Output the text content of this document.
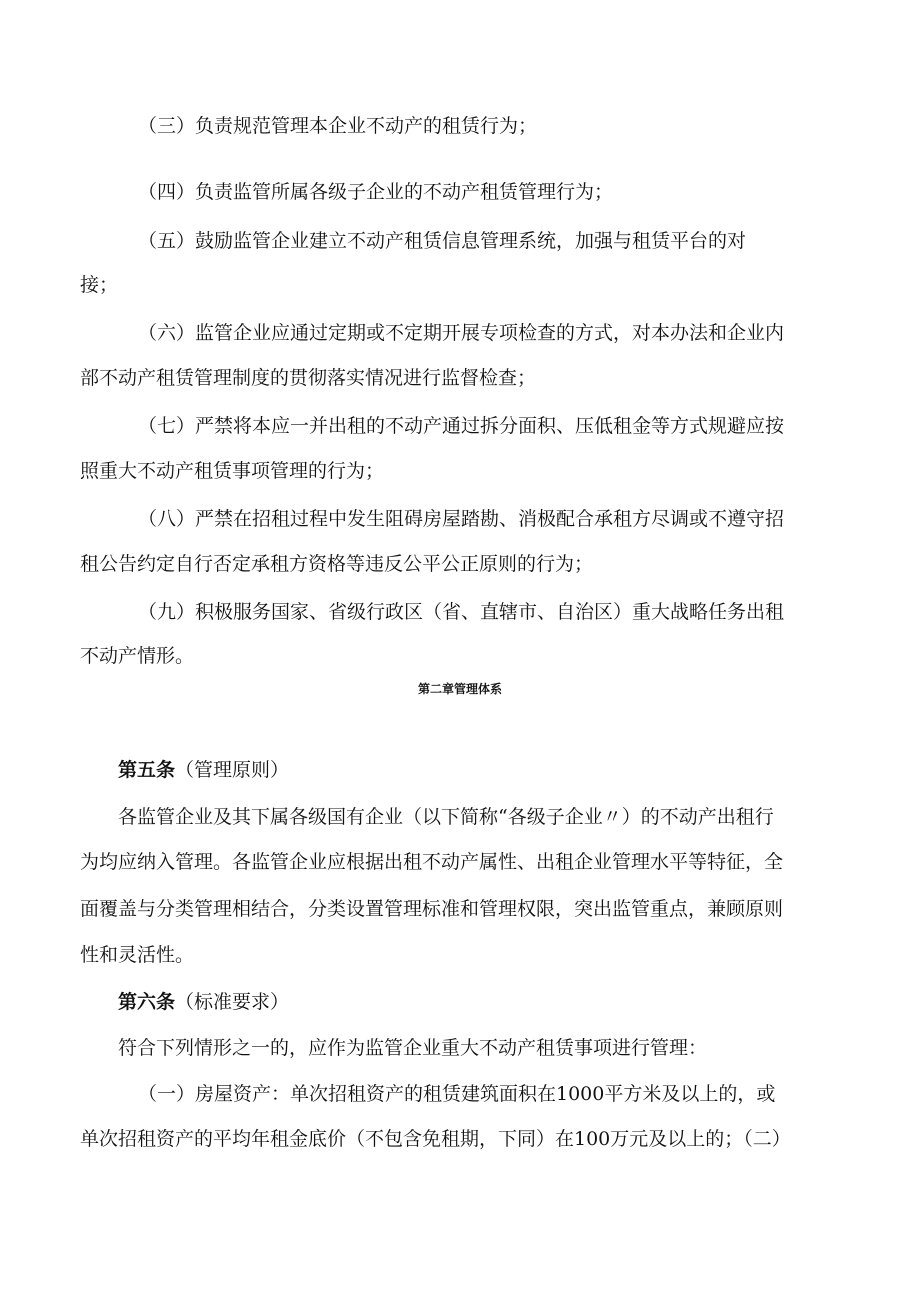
（三）负责规范管理本企业不动产的租赁行为；

（四）负责监管所属各级子企业的不动产租赁管理行为；

（五）鼓励监管企业建立不动产租赁信息管理系统，加强与租赁平台的对

接；

（六）监管企业应通过定期或不定期开展专项检查的方式，对本办法和企业内

部不动产租赁管理制度的贯彻落实情况进行监督检查；

（七）严禁将本应一并出租的不动产通过拆分面积、压低租金等方式规避应按

照重大不动产租赁事项管理的行为；

（八）严禁在招租过程中发生阻碍房屋踏勘、消极配合承租方尽调或不遵守招

租公告约定自行否定承租方资格等违反公平公正原则的行为；

（九）积极服务国家、省级行政区（省、直辖市、自治区）重大战略任务出租

不动产情形。

第二章管理体系

第五条（管理原则）

各监管企业及其下属各级国有企业（以下简称“各级子企业〃）的不动产出租行

为均应纳入管理。各监管企业应根据出租不动产属性、出租企业管理水平等特征，全

面覆盖与分类管理相结合，分类设置管理标准和管理权限，突出监管重点，兼顾原则

性和灵活性。

第六条（标准要求）

符合下列情形之一的，应作为监管企业重大不动产租赁事项进行管理：

（一）房屋资产：单次招租资产的租赁建筑面积在1000平方米及以上的，或

单次招租资产的平均年租金底价（不包含免租期，下同）在100万元及以上的；（二）
